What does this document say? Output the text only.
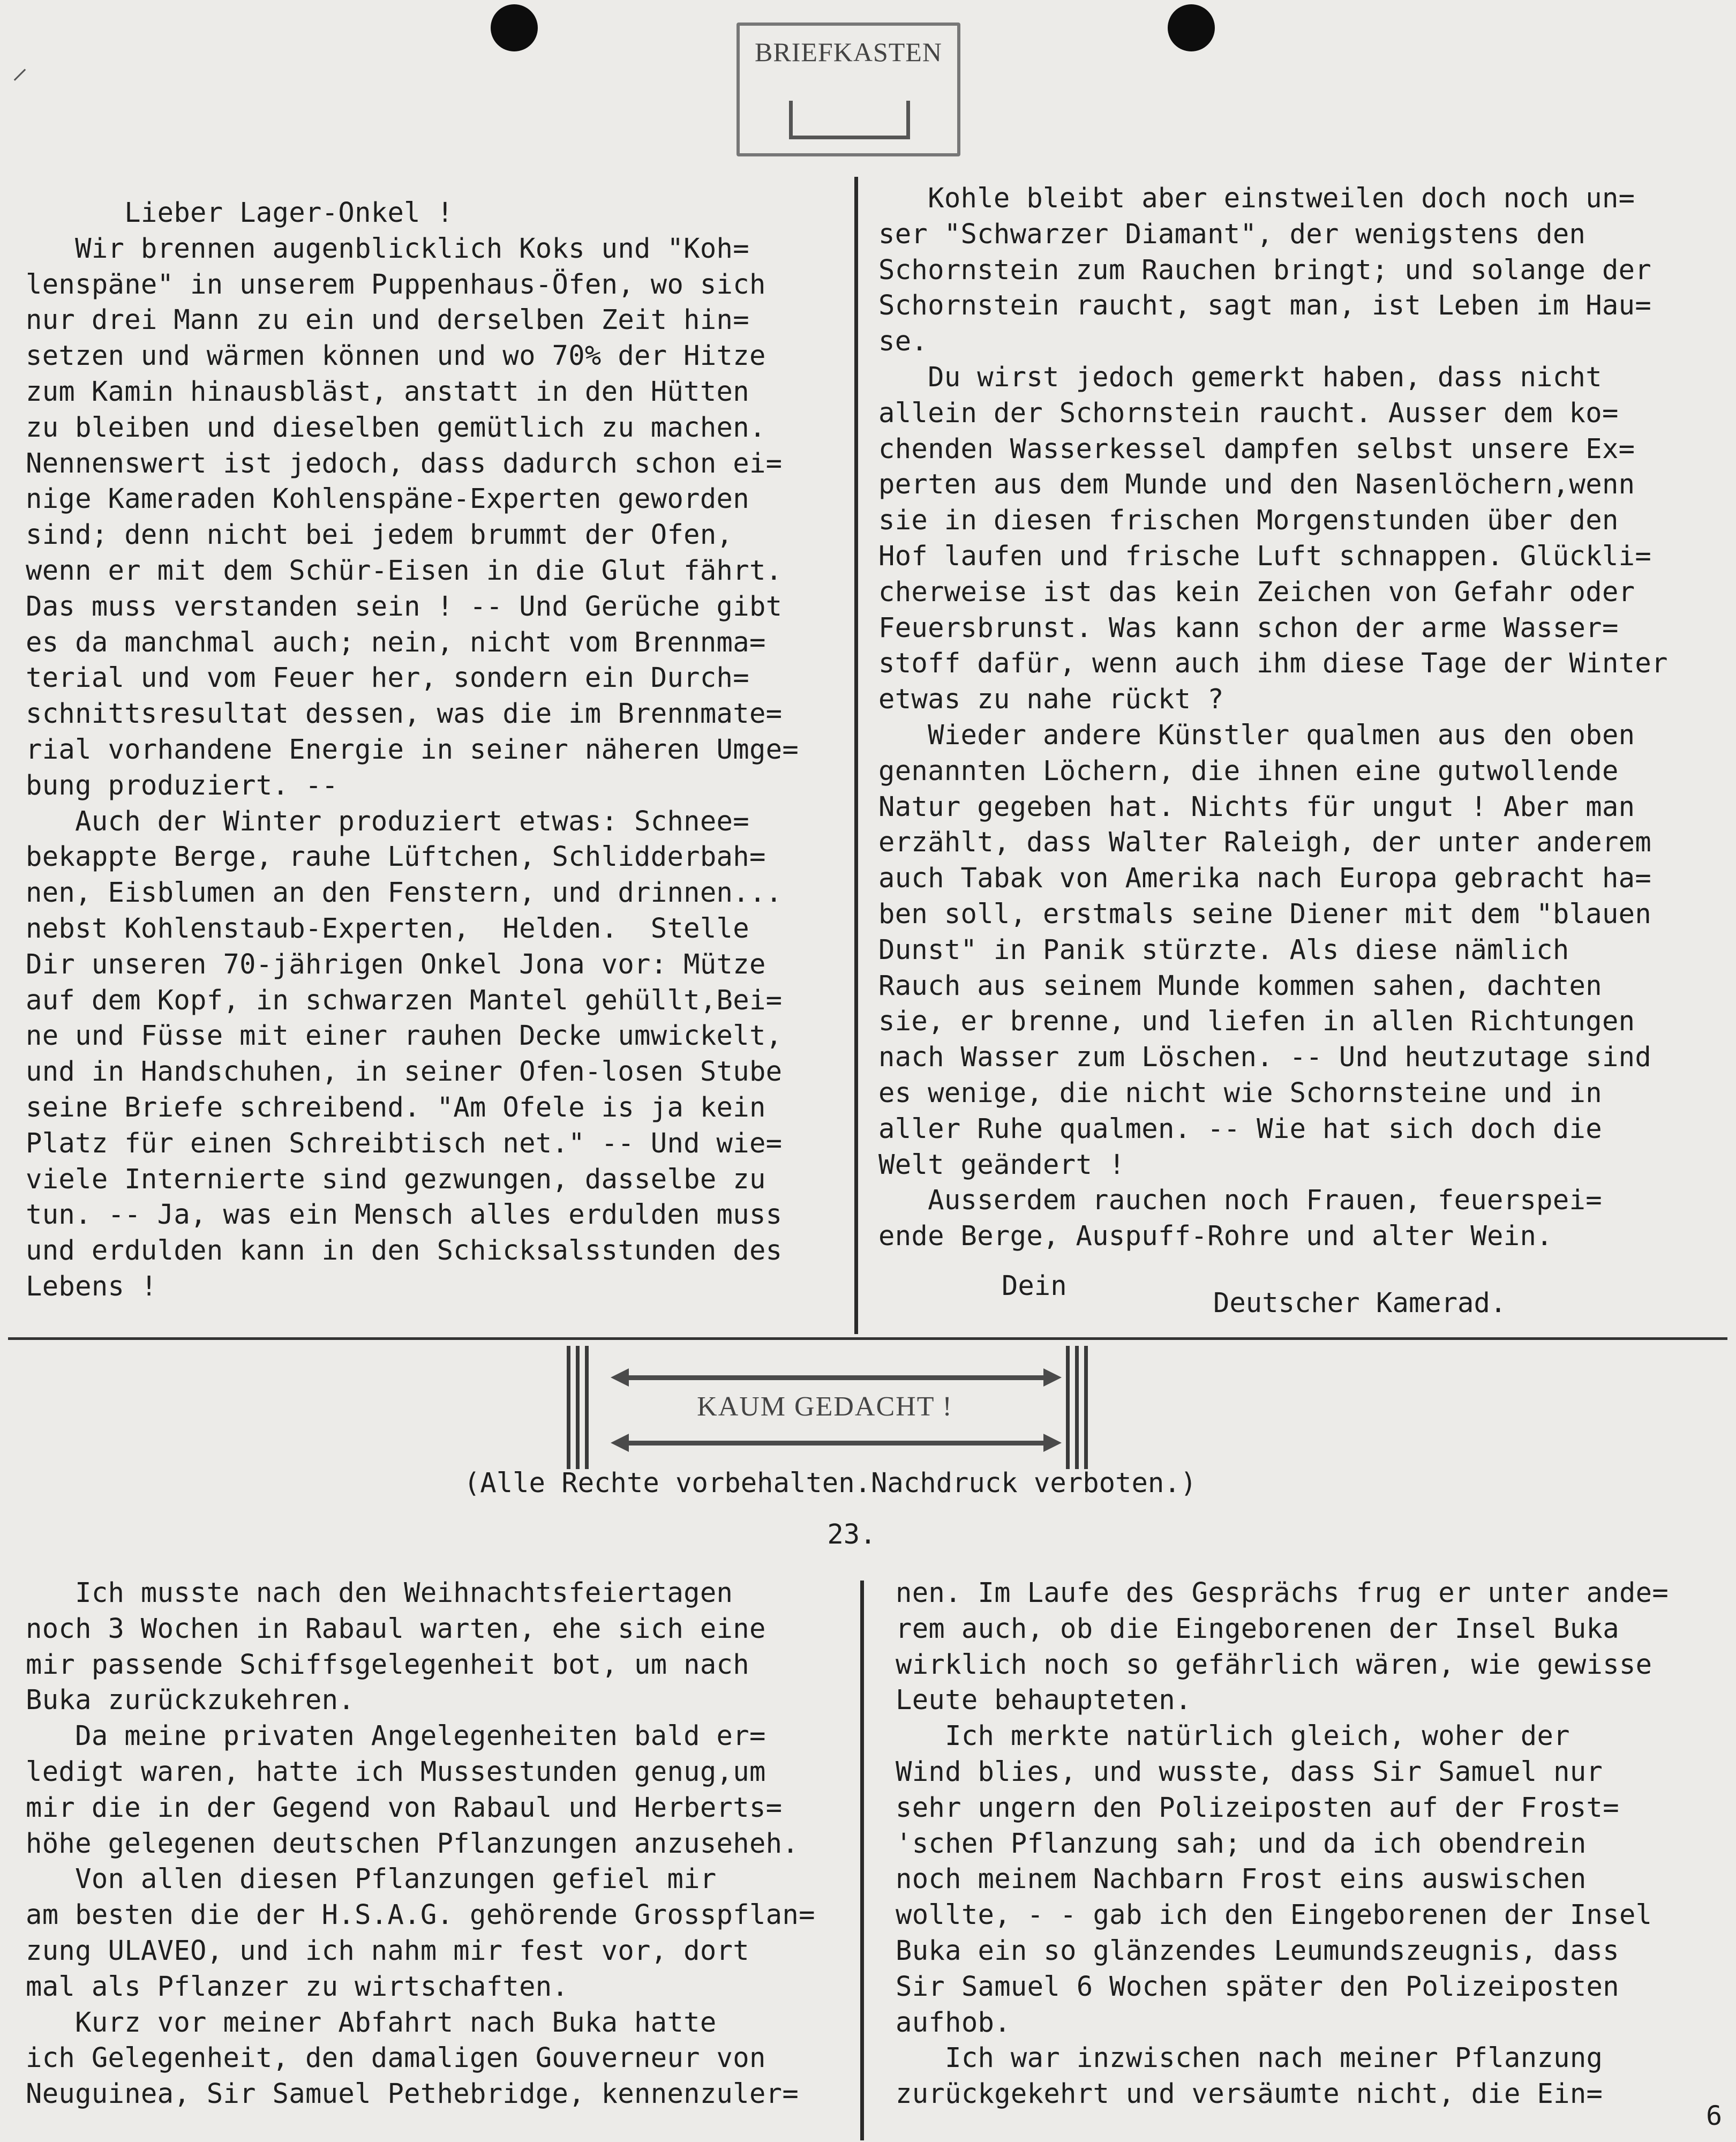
⸝	BRIEFKASTEN
Lieber Lager-Onkel !
Wir brennen augenblicklich Koks und "Koh=
lenspäne" in unserem Puppenhaus-Öfen, wo sich
nur drei Mann zu ein und derselben Zeit hin=
setzen und wärmen können und wo 70% der Hitze
zum Kamin hinausbläst, anstatt in den Hütten
zu bleiben und dieselben gemütlich zu machen.
Nennenswert ist jedoch, dass dadurch schon ei=
nige Kameraden Kohlenspäne-Experten geworden
sind; denn nicht bei jedem brummt der Ofen,
wenn er mit dem Schür-Eisen in die Glut fährt.
Das muss verstanden sein ! -- Und Gerüche gibt
es da manchmal auch; nein, nicht vom Brennma=
terial und vom Feuer her, sondern ein Durch=
schnittsresultat dessen, was die im Brennmate=
rial vorhandene Energie in seiner näheren Umge=
bung produziert. --
Auch der Winter produziert etwas: Schnee=
bekappte Berge, rauhe Lüftchen, Schlidderbah=
nen, Eisblumen an den Fenstern, und drinnen...
nebst Kohlenstaub-Experten,  Helden.  Stelle
Dir unseren 70-jährigen Onkel Jona vor: Mütze
auf dem Kopf, in schwarzen Mantel gehüllt,Bei=
ne und Füsse mit einer rauhen Decke umwickelt,
und in Handschuhen, in seiner Ofen-losen Stube
seine Briefe schreibend. "Am Ofele is ja kein
Platz für einen Schreibtisch net." -- Und wie=
viele Internierte sind gezwungen, dasselbe zu
tun. -- Ja, was ein Mensch alles erdulden muss
und erdulden kann in den Schicksalsstunden des
Lebens !
Kohle bleibt aber einstweilen doch noch un=
ser "Schwarzer Diamant", der wenigstens den
Schornstein zum Rauchen bringt; und solange der
Schornstein raucht, sagt man, ist Leben im Hau=
se.
Du wirst jedoch gemerkt haben, dass nicht
allein der Schornstein raucht. Ausser dem ko=
chenden Wasserkessel dampfen selbst unsere Ex=
perten aus dem Munde und den Nasenlöchern,wenn
sie in diesen frischen Morgenstunden über den
Hof laufen und frische Luft schnappen. Glückli=
cherweise ist das kein Zeichen von Gefahr oder
Feuersbrunst. Was kann schon der arme Wasser=
stoff dafür, wenn auch ihm diese Tage der Winter
etwas zu nahe rückt ?
Wieder andere Künstler qualmen aus den oben
genannten Löchern, die ihnen eine gutwollende
Natur gegeben hat. Nichts für ungut ! Aber man
erzählt, dass Walter Raleigh, der unter anderem
auch Tabak von Amerika nach Europa gebracht ha=
ben soll, erstmals seine Diener mit dem "blauen
Dunst" in Panik stürzte. Als diese nämlich
Rauch aus seinem Munde kommen sahen, dachten
sie, er brenne, und liefen in allen Richtungen
nach Wasser zum Löschen. -- Und heutzutage sind
es wenige, die nicht wie Schornsteine und in
aller Ruhe qualmen. -- Wie hat sich doch die
Welt geändert !
Ausserdem rauchen noch Frauen, feuerspei=
ende Berge, Auspuff-Rohre und alter Wein.
Dein
Deutscher Kamerad.
KAUM GEDACHT !
(Alle Rechte vorbehalten.Nachdruck verboten.)
23.
Ich musste nach den Weihnachtsfeiertagen
noch 3 Wochen in Rabaul warten, ehe sich eine
mir passende Schiffsgelegenheit bot, um nach
Buka zurückzukehren.
Da meine privaten Angelegenheiten bald er=
ledigt waren, hatte ich Mussestunden genug,um
mir die in der Gegend von Rabaul und Herberts=
höhe gelegenen deutschen Pflanzungen anzuseheh.
Von allen diesen Pflanzungen gefiel mir
am besten die der H.S.A.G. gehörende Grosspflan=
zung ULAVEO, und ich nahm mir fest vor, dort
mal als Pflanzer zu wirtschaften.
Kurz vor meiner Abfahrt nach Buka hatte
ich Gelegenheit, den damaligen Gouverneur von
Neuguinea, Sir Samuel Pethebridge, kennenzuler=
nen. Im Laufe des Gesprächs frug er unter ande=
rem auch, ob die Eingeborenen der Insel Buka
wirklich noch so gefährlich wären, wie gewisse
Leute behaupteten.
Ich merkte natürlich gleich, woher der
Wind blies, und wusste, dass Sir Samuel nur
sehr ungern den Polizeiposten auf der Frost=
'schen Pflanzung sah; und da ich obendrein
noch meinem Nachbarn Frost eins auswischen
wollte, - - gab ich den Eingeborenen der Insel
Buka ein so glänzendes Leumundszeugnis, dass
Sir Samuel 6 Wochen später den Polizeiposten
aufhob.
Ich war inzwischen nach meiner Pflanzung
zurückgekehrt und versäumte nicht, die Ein=
6
